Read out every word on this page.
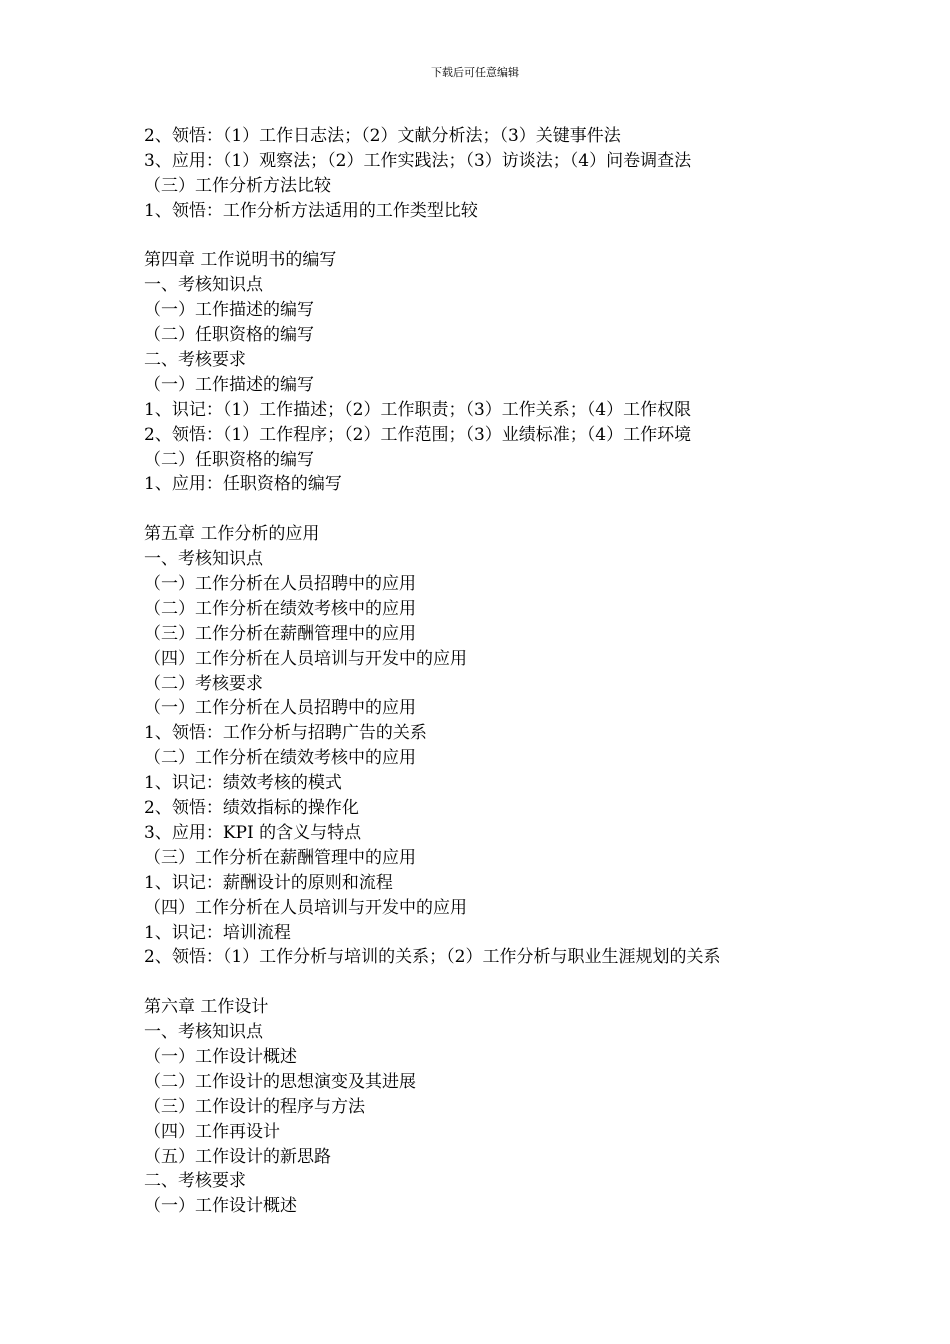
下载后可任意编辑
2、领悟：（1）工作日志法；（2）文献分析法；（3）关键事件法
3、应用：（1）观察法；（2）工作实践法；（3）访谈法；（4）问卷调查法
（三）工作分析方法比较
1、领悟：工作分析方法适用的工作类型比较
第四章 工作说明书的编写
一、考核知识点
（一）工作描述的编写
（二）任职资格的编写
二、考核要求
（一）工作描述的编写
1、识记：（1）工作描述；（2）工作职责；（3）工作关系；（4）工作权限
2、领悟：（1）工作程序；（2）工作范围；（3）业绩标准；（4）工作环境
（二）任职资格的编写
1、应用：任职资格的编写
第五章 工作分析的应用
一、考核知识点
（一）工作分析在人员招聘中的应用
（二）工作分析在绩效考核中的应用
（三）工作分析在薪酬管理中的应用
（四）工作分析在人员培训与开发中的应用
（二）考核要求
（一）工作分析在人员招聘中的应用
1、领悟：工作分析与招聘广告的关系
（二）工作分析在绩效考核中的应用
1、识记：绩效考核的模式
2、领悟：绩效指标的操作化
3、应用：KPI 的含义与特点
（三）工作分析在薪酬管理中的应用
1、识记：薪酬设计的原则和流程
（四）工作分析在人员培训与开发中的应用
1、识记：培训流程
2、领悟：（1）工作分析与培训的关系；（2）工作分析与职业生涯规划的关系
第六章 工作设计
一、考核知识点
（一）工作设计概述
（二）工作设计的思想演变及其进展
（三）工作设计的程序与方法
（四）工作再设计
（五）工作设计的新思路
二、考核要求
（一）工作设计概述
